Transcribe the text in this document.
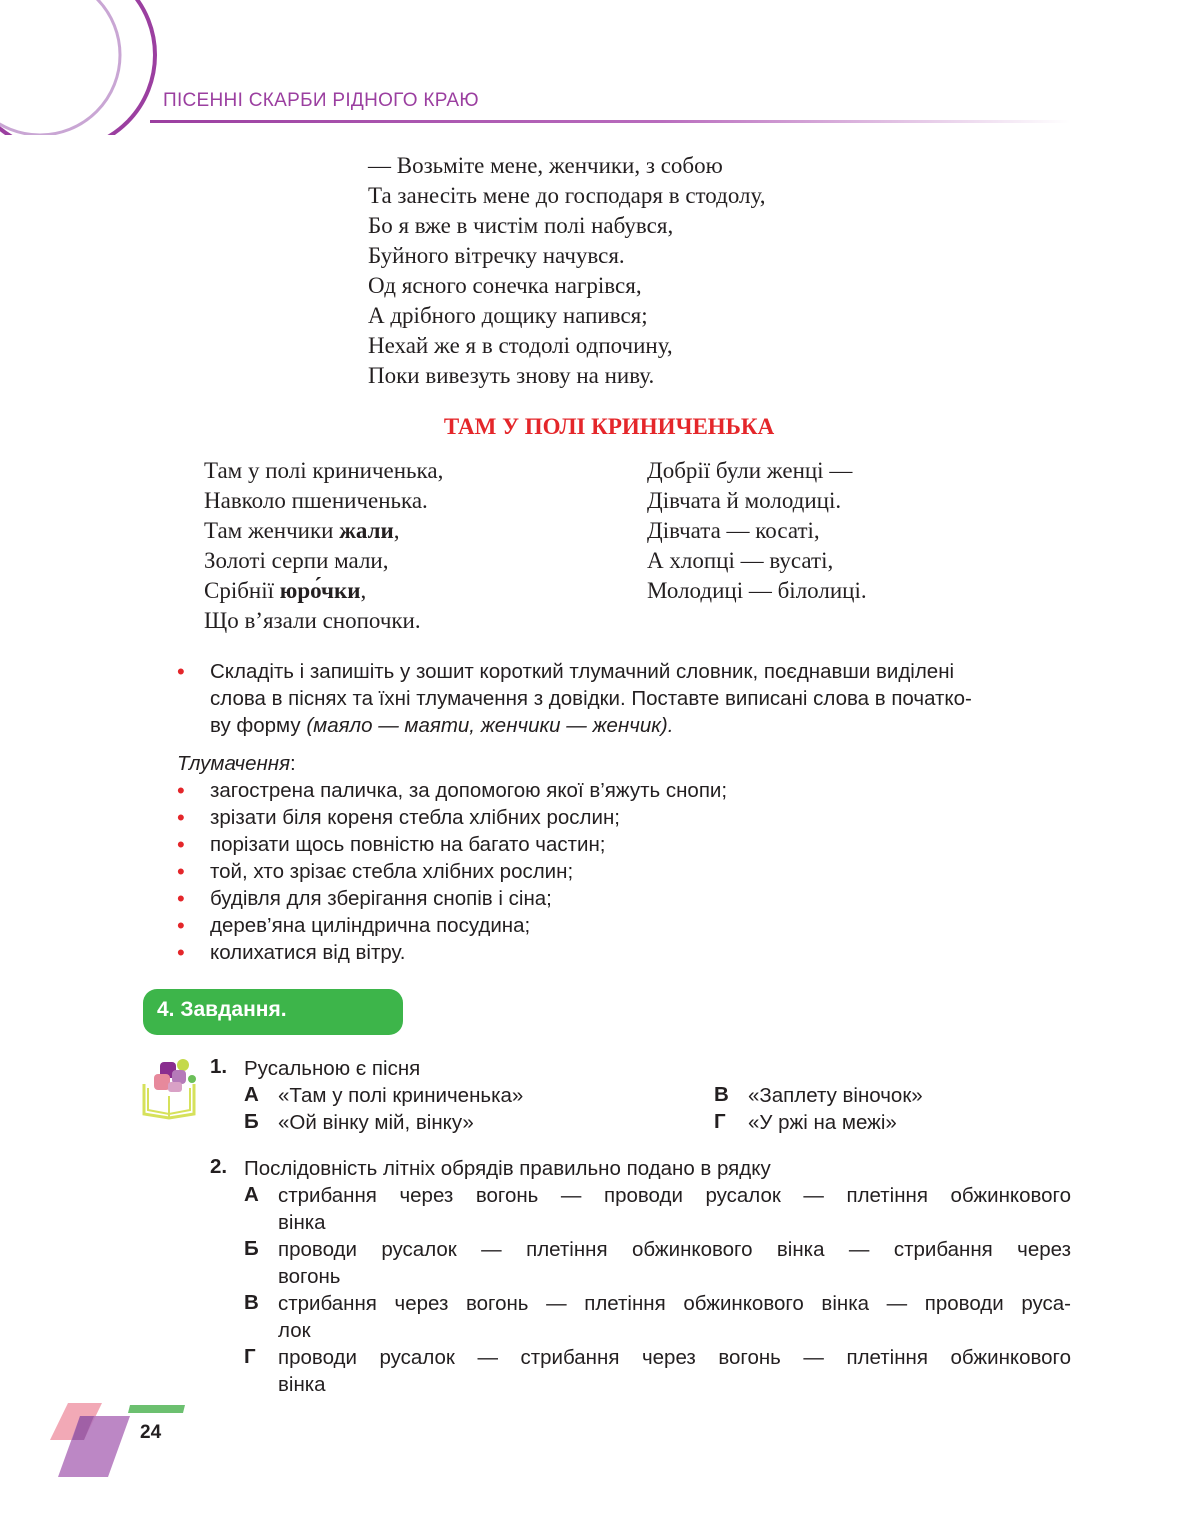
ПІСЕННІ СКАРБИ РІДНОГО КРАЮ
— Возьміте мене, женчики, з собою
Та занесіть мене до господаря в стодолу,
Бо я вже в чистім полі набувся,
Буйного вітречку начувся.
Од ясного сонечка нагрівся,
А дрібного дощику напився;
Нехай же я в стодолі одпочину,
Поки вивезуть знову на ниву.
ТАМ У ПОЛІ КРИНИЧЕНЬКА
Там у полі криниченька,
Навколо пшениченька.
Там женчики жали,
Золоті серпи мали,
Срібнії юро́чки,
Що в’язали снопочки.
Добрії були женці —
Дівчата й молодиці.
Дівчата — косаті,
А хлопці — вусаті,
Молодиці — білолиці.
•	Складіть і запишіть у зошит короткий тлумачний словник, поєднавши виділені
слова в піснях та їхні тлумачення з довідки. Поставте виписані слова в початко-
ву форму (маяло — маяти, женчики — женчик).
Тлумачення:
•	загострена паличка, за допомогою якої в’яжуть снопи;
•	зрізати біля кореня стебла хлібних рослин;
•	порізати щось повністю на багато частин;
•	той, хто зрізає стебла хлібних рослин;
•	будівля для зберігання снопів і сіна;
•	дерев’яна циліндрична посудина;
•	колихатися від вітру.
4. Завдання.
1. Русальною є пісня
А «Там у полі криниченька»
Б «Ой вінку мій, вінку»
В «Заплету віночок»
Г «У ржі на межі»
2. Послідовність літніх обрядів правильно подано в рядку
А стрибання через вогонь — проводи русалок — плетіння обжинкового
вінка
Б проводи русалок — плетіння обжинкового вінка — стрибання через
вогонь
В стрибання через вогонь — плетіння обжинкового вінка — проводи руса-
лок
Г проводи русалок — стрибання через вогонь — плетіння обжинкового
вінка
24
